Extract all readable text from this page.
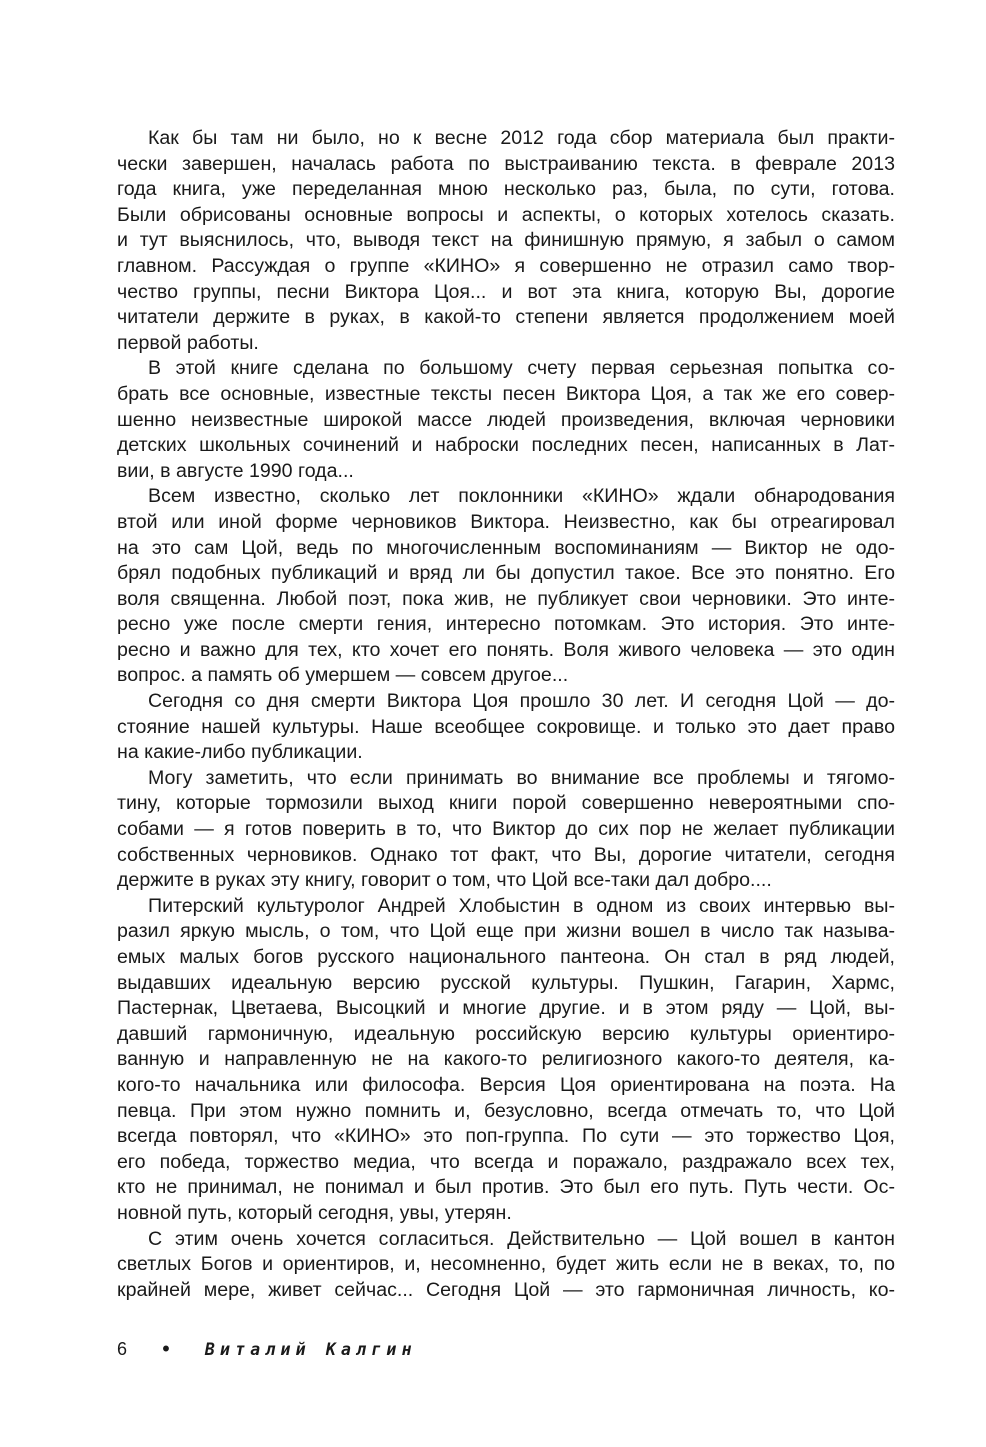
Как бы там ни было, но к весне 2012 года сбор материала был практи-
чески завершен, началась работа по выстраиванию текста. в феврале 2013
года книга, уже переделанная мною несколько раз, была, по сути, готова.
Были обрисованы основные вопросы и аспекты, о которых хотелось сказать.
и тут выяснилось, что, выводя текст на финишную прямую, я забыл о самом
главном. Рассуждая о группе «КИНО» я совершенно не отразил само твор-
чество группы, песни Виктора Цоя... и вот эта книга, которую Вы, дорогие
читатели держите в руках, в какой-то степени является продолжением моей
первой работы.
В этой книге сделана по большому счету первая серьезная попытка со-
брать все основные, известные тексты песен Виктора Цоя, а так же его совер-
шенно неизвестные широкой массе людей произведения, включая черновики
детских школьных сочинений и наброски последних песен, написанных в Лат-
вии, в августе 1990 года...
Всем известно, сколько лет поклонники «КИНО» ждали обнародования
втой или иной форме черновиков Виктора. Неизвестно, как бы отреагировал
на это сам Цой, ведь по многочисленным воспоминаниям — Виктор не одо-
брял подобных публикаций и вряд ли бы допустил такое. Все это понятно. Его
воля священна. Любой поэт, пока жив, не публикует свои черновики. Это инте-
ресно уже после смерти гения, интересно потомкам. Это история. Это инте-
ресно и важно для тех, кто хочет его понять. Воля живого человека — это один
вопрос. а память об умершем — совсем другое...
Сегодня со дня смерти Виктора Цоя прошло 30 лет. И сегодня Цой — до-
стояние нашей культуры. Наше всеобщее сокровище. и только это дает право
на какие-либо публикации.
Могу заметить, что если принимать во внимание все проблемы и тягомо-
тину, которые тормозили выход книги порой совершенно невероятными спо-
собами — я готов поверить в то, что Виктор до сих пор не желает публикации
собственных черновиков. Однако тот факт, что Вы, дорогие читатели, сегодня
держите в руках эту книгу, говорит о том, что Цой все-таки дал добро....
Питерский культуролог Андрей Хлобыстин в одном из своих интервью вы-
разил яркую мысль, о том, что Цой еще при жизни вошел в число так называ-
емых малых богов русского национального пантеона. Он стал в ряд людей,
выдавших идеальную версию русской культуры. Пушкин, Гагарин, Хармс,
Пастернак, Цветаева, Высоцкий и многие другие. и в этом ряду — Цой, вы-
давший гармоничную, идеальную российскую версию культуры ориентиро-
ванную и направленную не на какого-то религиозного какого-то деятеля, ка-
кого-то начальника или философа. Версия Цоя ориентирована на поэта. На
певца. При этом нужно помнить и, безусловно, всегда отмечать то, что Цой
всегда повторял, что «КИНО» это поп-группа. По сути — это торжество Цоя,
его победа, торжество медиа, что всегда и поражало, раздражало всех тех,
кто не принимал, не понимал и был против. Это был его путь. Путь чести. Ос-
новной путь, который сегодня, увы, утерян.
С этим очень хочется согласиться. Действительно — Цой вошел в кантон
светлых Богов и ориентиров, и, несомненно, будет жить если не в веках, то, по
крайней мере, живет сейчас... Сегодня Цой — это гармоничная личность, ко-
6 • Виталий Калгин
